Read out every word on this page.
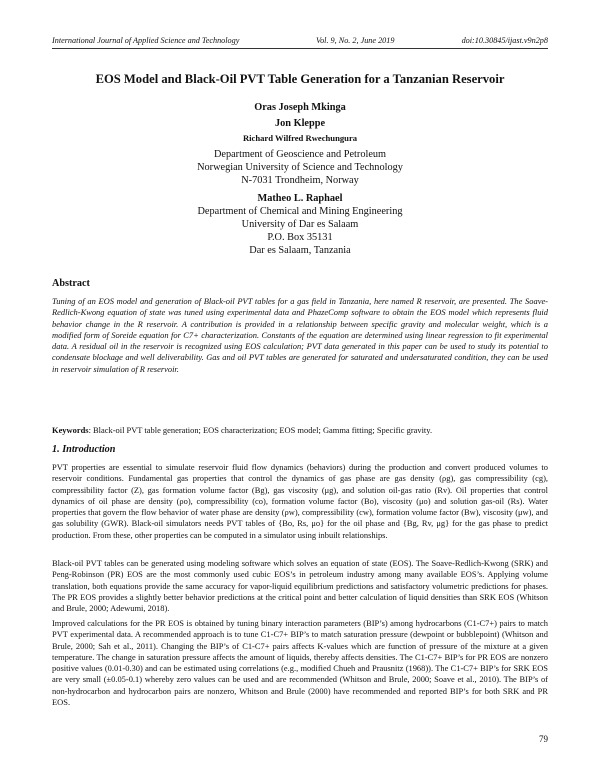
International Journal of Applied Science and Technology	Vol. 9, No. 2, June 2019	doi:10.30845/ijast.v9n2p8
EOS Model and Black-Oil PVT Table Generation for a Tanzanian Reservoir
Oras Joseph Mkinga
Jon Kleppe
Richard Wilfred Rwechungura
Department of Geoscience and Petroleum
Norwegian University of Science and Technology
N-7031 Trondheim, Norway
Matheo L. Raphael
Department of Chemical and Mining Engineering
University of Dar es Salaam
P.O. Box 35131
Dar es Salaam, Tanzania
Abstract
Tuning of an EOS model and generation of Black-oil PVT tables for a gas field in Tanzania, here named R reservoir, are presented. The Soave-Redlich-Kwong equation of state was tuned using experimental data and PhazeComp software to obtain the EOS model which represents fluid behavior change in the R reservoir. A contribution is provided in a relationship between specific gravity and molecular weight, which is a modified form of Soreide equation for C7+ characterization. Constants of the equation are determined using linear regression to fit experimental data. A residual oil in the reservoir is recognized using EOS calculation; PVT data generated in this paper can be used to study its potential to condensate blockage and well deliverability. Gas and oil PVT tables are generated for saturated and undersaturated condition, they can be used in reservoir simulation of R reservoir.
Keywords: Black-oil PVT table generation; EOS characterization; EOS model; Gamma fitting; Specific gravity.
1. Introduction
PVT properties are essential to simulate reservoir fluid flow dynamics (behaviors) during the production and convert produced volumes to reservoir conditions. Fundamental gas properties that control the dynamics of gas phase are gas density (ρg), gas compressibility (cg), compressibility factor (Z), gas formation volume factor (Bg), gas viscosity (μg), and solution oil-gas ratio (Rv). Oil properties that control dynamics of oil phase are density (ρo), compressibility (co), formation volume factor (Bo), viscosity (μo) and solution gas-oil (Rs). Water properties that govern the flow behavior of water phase are density (ρw), compressibility (cw), formation volume factor (Bw), viscosity (μw), and gas solubility (GWR). Black-oil simulators needs PVT tables of {Bo, Rs, μo} for the oil phase and {Bg, Rv, μg} for the gas phase to predict production. From these, other properties can be computed in a simulator using inbuilt relationships.
Black-oil PVT tables can be generated using modeling software which solves an equation of state (EOS). The Soave-Redlich-Kwong (SRK) and Peng-Robinson (PR) EOS are the most commonly used cubic EOS’s in petroleum industry among many available EOS’s. Applying volume translation, both equations provide the same accuracy for vapor-liquid equilibrium predictions and satisfactory volumetric predictions for phases. The PR EOS provides a slightly better behavior predictions at the critical point and better calculation of liquid densities than SRK EOS (Whitson and Brule, 2000; Adewumi, 2018).
Improved calculations for the PR EOS is obtained by tuning binary interaction parameters (BIP’s) among hydrocarbons (C1-C7+) pairs to match PVT experimental data. A recommended approach is to tune C1-C7+ BIP’s to match saturation pressure (dewpoint or bubblepoint) (Whitson and Brule, 2000; Sah et al., 2011). Changing the BIP’s of C1-C7+ pairs affects K-values which are function of pressure of the mixture at a given temperature. The change in saturation pressure affects the amount of liquids, thereby affects densities. The C1-C7+ BIP’s for PR EOS are nonzero positive values (0.01-0.30) and can be estimated using correlations (e.g., modified Chueh and Prausnitz (1968)). The C1-C7+ BIP’s for SRK EOS are very small (±0.05-0.1) whereby zero values can be used and are recommended (Whitson and Brule, 2000; Soave et al., 2010). The BIP’s of non-hydrocarbon and hydrocarbon pairs are nonzero, Whitson and Brule (2000) have recommended and reported BIP’s for both SRK and PR EOS.
79
